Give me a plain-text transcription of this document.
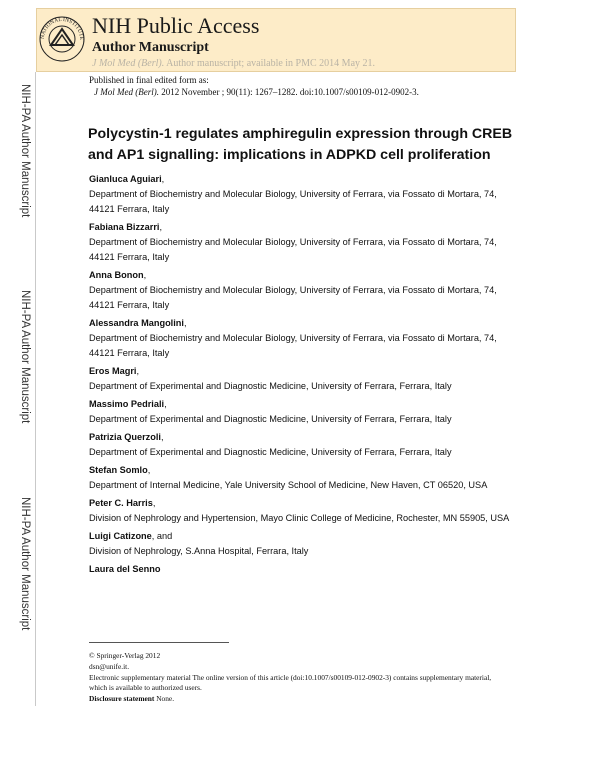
NATIONAL INSTITUTE
NIH Public Access
Author Manuscript
J Mol Med (Berl). Author manuscript; available in PMC 2014 May 21.
NIH-PA Author Manuscript
NIH-PA Author Manuscript
NIH-PA Author Manuscript
Published in final edited form as:
J Mol Med (Berl). 2012 November ; 90(11): 1267–1282. doi:10.1007/s00109-012-0902-3.
Polycystin-1 regulates amphiregulin expression through CREB and AP1 signalling: implications in ADPKD cell proliferation
Gianluca Aguiari,
Department of Biochemistry and Molecular Biology, University of Ferrara, via Fossato di Mortara, 74, 44121 Ferrara, Italy
Fabiana Bizzarri,
Department of Biochemistry and Molecular Biology, University of Ferrara, via Fossato di Mortara, 74, 44121 Ferrara, Italy
Anna Bonon,
Department of Biochemistry and Molecular Biology, University of Ferrara, via Fossato di Mortara, 74, 44121 Ferrara, Italy
Alessandra Mangolini,
Department of Biochemistry and Molecular Biology, University of Ferrara, via Fossato di Mortara, 74, 44121 Ferrara, Italy
Eros Magri,
Department of Experimental and Diagnostic Medicine, University of Ferrara, Ferrara, Italy
Massimo Pedriali,
Department of Experimental and Diagnostic Medicine, University of Ferrara, Ferrara, Italy
Patrizia Querzoli,
Department of Experimental and Diagnostic Medicine, University of Ferrara, Ferrara, Italy
Stefan Somlo,
Department of Internal Medicine, Yale University School of Medicine, New Haven, CT 06520, USA
Peter C. Harris,
Division of Nephrology and Hypertension, Mayo Clinic College of Medicine, Rochester, MN 55905, USA
Luigi Catizone, and
Division of Nephrology, S.Anna Hospital, Ferrara, Italy
Laura del Senno
© Springer-Verlag 2012
dsn@unife.it.
Electronic supplementary material The online version of this article (doi:10.1007/s00109-012-0902-3) contains supplementary material, which is available to authorized users.
Disclosure statement None.
